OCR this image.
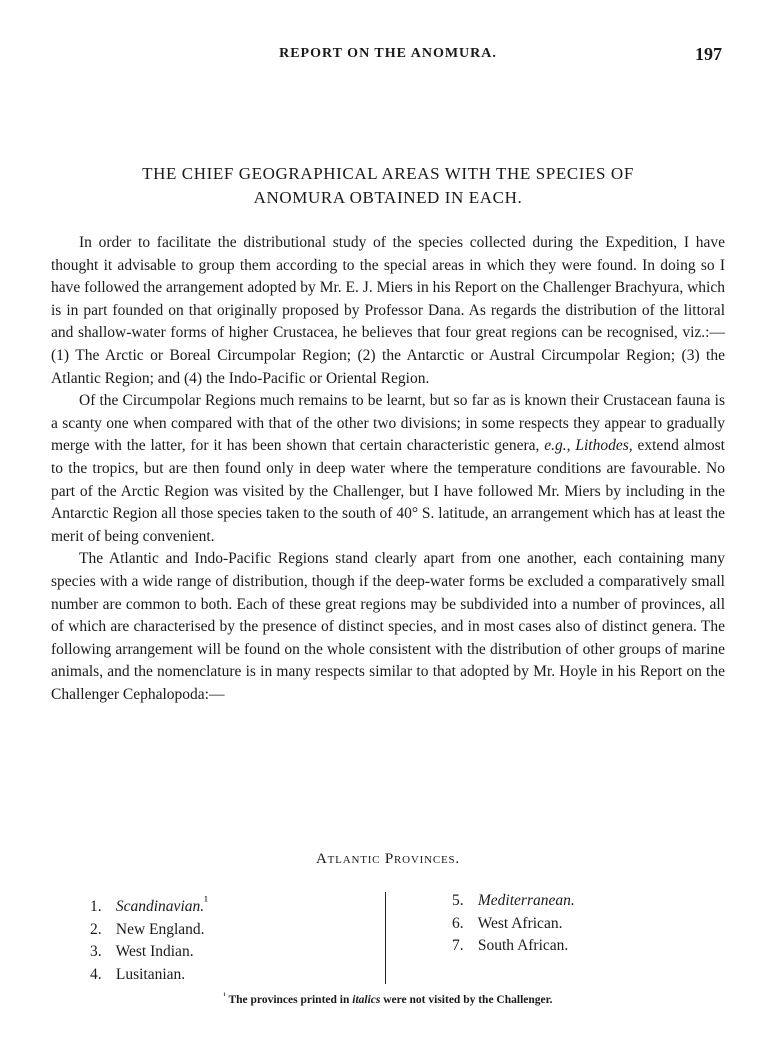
REPORT ON THE ANOMURA.	197
THE CHIEF GEOGRAPHICAL AREAS WITH THE SPECIES OF
ANOMURA OBTAINED IN EACH.

In order to facilitate the distributional study of the species collected during the Expedition, I have thought it advisable to group them according to the special areas in which they were found. In doing so I have followed the arrangement adopted by Mr. E. J. Miers in his Report on the Challenger Brachyura, which is in part founded on that originally proposed by Professor Dana. As regards the distribution of the littoral and shallow-water forms of higher Crustacea, he believes that four great regions can be recognised, viz.:—(1) The Arctic or Boreal Circumpolar Region; (2) the Antarctic or Austral Circumpolar Region; (3) the Atlantic Region; and (4) the Indo-Pacific or Oriental Region.

Of the Circumpolar Regions much remains to be learnt, but so far as is known their Crustacean fauna is a scanty one when compared with that of the other two divisions; in some respects they appear to gradually merge with the latter, for it has been shown that certain characteristic genera, e.g., Lithodes, extend almost to the tropics, but are then found only in deep water where the temperature conditions are favourable. No part of the Arctic Region was visited by the Challenger, but I have followed Mr. Miers by including in the Antarctic Region all those species taken to the south of 40° S. latitude, an arrangement which has at least the merit of being convenient.

The Atlantic and Indo-Pacific Regions stand clearly apart from one another, each containing many species with a wide range of distribution, though if the deep-water forms be excluded a comparatively small number are common to both. Each of these great regions may be subdivided into a number of provinces, all of which are characterised by the presence of distinct species, and in most cases also of distinct genera. The following arrangement will be found on the whole consistent with the distribution of other groups of marine animals, and the nomenclature is in many respects similar to that adopted by Mr. Hoyle in his Report on the Challenger Cephalopoda:—

Atlantic Provinces.
1. Scandinavian.$^{^1}$
2. New England.
3. West Indian.
4. Lusitanian.
5. Mediterranean.
6. West African.
7. South African.
$^{^1}$ The provinces printed in italics were not visited by the Challenger.
